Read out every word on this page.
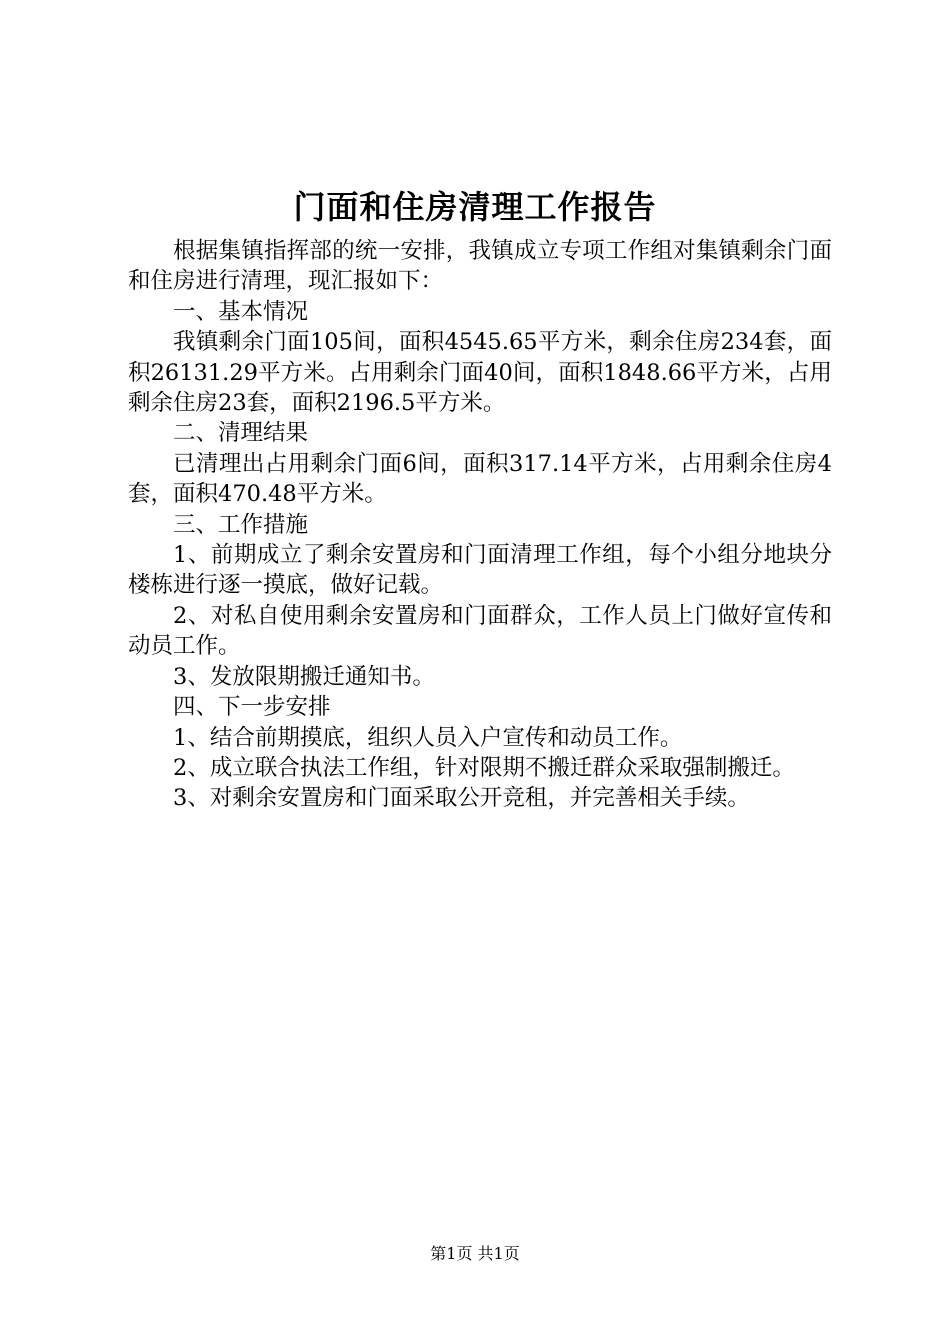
门面和住房清理工作报告

根据集镇指挥部的统一安排，我镇成立专项工作组对集镇剩余门面和住房进行清理，现汇报如下：

一、基本情况

我镇剩余门面105间，面积4545.65平方米，剩余住房234套，面积26131.29平方米。占用剩余门面40间，面积1848.66平方米，占用剩余住房23套，面积2196.5平方米。

二、清理结果

已清理出占用剩余门面6间，面积317.14平方米，占用剩余住房4套，面积470.48平方米。

三、工作措施

1、前期成立了剩余安置房和门面清理工作组，每个小组分地块分楼栋进行逐一摸底，做好记载。

2、对私自使用剩余安置房和门面群众，工作人员上门做好宣传和动员工作。

3、发放限期搬迁通知书。

四、下一步安排

1、结合前期摸底，组织人员入户宣传和动员工作。

2、成立联合执法工作组，针对限期不搬迁群众采取强制搬迁。

3、对剩余安置房和门面采取公开竞租，并完善相关手续。

第1页 共1页
